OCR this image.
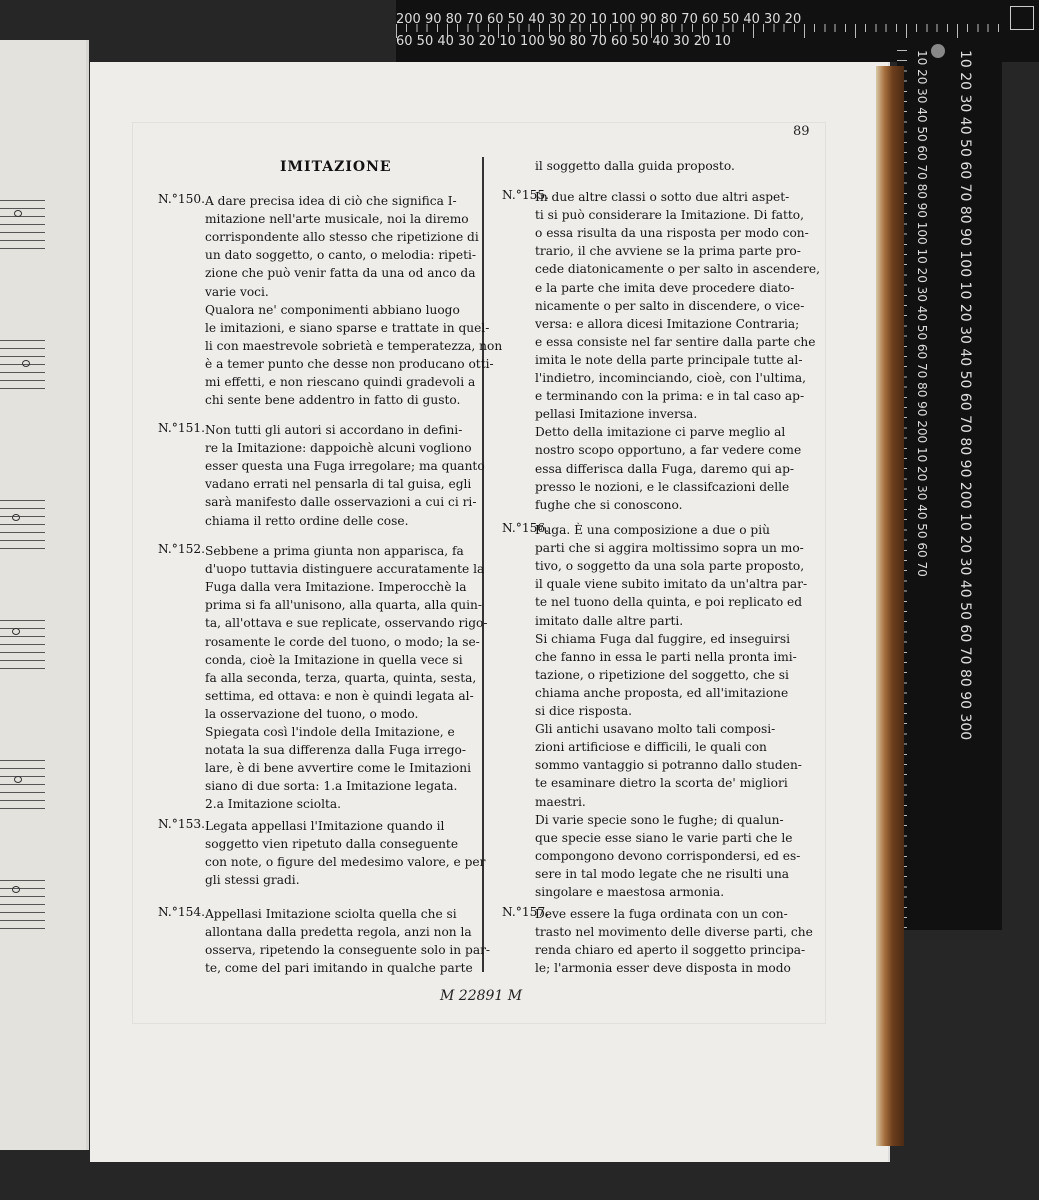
200 90 80 70 60 50 40 30 20 10 100 90 80 70 60 50 40 30 20
60 50 40 30 20 10 100 90 80 70 60 50 40 30 20 10
10 20 30 40 50 60 70 80 90 100 10 20 30 40 50 60 70 80 90 200 10 20 30 40 50 60 70 10 20 30 40 50 60 70 80 90 100 10 20 30 40 50 60 70 80 90 200 10 20 30 40 50 60 70 80 90 300
89
IMITAZIONE
N.°150. A dare precisa idea di ciò che significa I-
mitazione nell'arte musicale, noi la diremo
corrispondente allo stesso che ripetizione di
un dato soggetto, o canto, o melodia: ripeti-
zione che può venir fatta da una od anco da
varie voci.
Qualora ne' componimenti abbiano luogo
le imitazioni, e siano sparse e trattate in quel-
li con maestrevole sobrietà e temperatezza, non
è a temer punto che desse non producano otti-
mi effetti, e non riescano quindi gradevoli a
chi sente bene addentro in fatto di gusto.
N.°151. Non tutti gli autori si accordano in defini-
re la Imitazione: dappoichè alcuni vogliono
esser questa una Fuga irregolare; ma quanto
vadano errati nel pensarla di tal guisa, egli
sarà manifesto dalle osservazioni a cui ci ri-
chiama il retto ordine delle cose.
N.°152. Sebbene a prima giunta non apparisca, fa
d'uopo tuttavia distinguere accuratamente la
Fuga dalla vera Imitazione. Imperocchè la
prima si fa all'unisono, alla quarta, alla quin-
ta, all'ottava e sue replicate, osservando rigo-
rosamente le corde del tuono, o modo; la se-
conda, cioè la Imitazione in quella vece si
fa alla seconda, terza, quarta, quinta, sesta,
settima, ed ottava: e non è quindi legata al-
la osservazione del tuono, o modo.
Spiegata così l'indole della Imitazione, e
notata la sua differenza dalla Fuga irrego-
lare, è di bene avvertire come le Imitazioni
siano di due sorta: 1.a Imitazione legata.
2.a Imitazione sciolta.
N.°153. Legata appellasi l'Imitazione quando il
soggetto vien ripetuto dalla conseguente
con note, o figure del medesimo valore, e per
gli stessi gradi.
N.°154. Appellasi Imitazione sciolta quella che si
allontana dalla predetta regola, anzi non la
osserva, ripetendo la conseguente solo in par-
te, come del pari imitando in qualche parte
il soggetto dalla guida proposto.
N.°155.
In due altre classi o sotto due altri aspet-
ti si può considerare la Imitazione. Di fatto,
o essa risulta da una risposta per modo con-
trario, il che avviene se la prima parte pro-
cede diatonicamente o per salto in ascendere,
e la parte che imita deve procedere diato-
nicamente o per salto in discendere, o vice-
versa: e allora dicesi Imitazione Contraria;
e essa consiste nel far sentire dalla parte che
imita le note della parte principale tutte al-
l'indietro, incominciando, cioè, con l'ultima,
e terminando con la prima: e in tal caso ap-
pellasi Imitazione inversa.
Detto della imitazione ci parve meglio al
nostro scopo opportuno, a far vedere come
essa differisca dalla Fuga, daremo qui ap-
presso le nozioni, e le classifcazioni delle
fughe che si conoscono.
N.°156.
Fuga. È una composizione a due o più
parti che si aggira moltissimo sopra un mo-
tivo, o soggetto da una sola parte proposto,
il quale viene subito imitato da un'altra par-
te nel tuono della quinta, e poi replicato ed
imitato dalle altre parti.
Si chiama Fuga dal fuggire, ed inseguirsi
che fanno in essa le parti nella pronta imi-
tazione, o ripetizione del soggetto, che si
chiama anche proposta, ed all'imitazione
si dice risposta.
Gli antichi usavano molto tali composi-
zioni artificiose e difficili, le quali con
sommo vantaggio si potranno dallo studen-
te esaminare dietro la scorta de' migliori
maestri.
Di varie specie sono le fughe; di qualun-
que specie esse siano le varie parti che le
compongono devono corrispondersi, ed es-
sere in tal modo legate che ne risulti una
singolare e maestosa armonia.
N.°157.
Deve essere la fuga ordinata con un con-
trasto nel movimento delle diverse parti, che
renda chiaro ed aperto il soggetto principa-
le; l'armonia esser deve disposta in modo
M 22891 M
